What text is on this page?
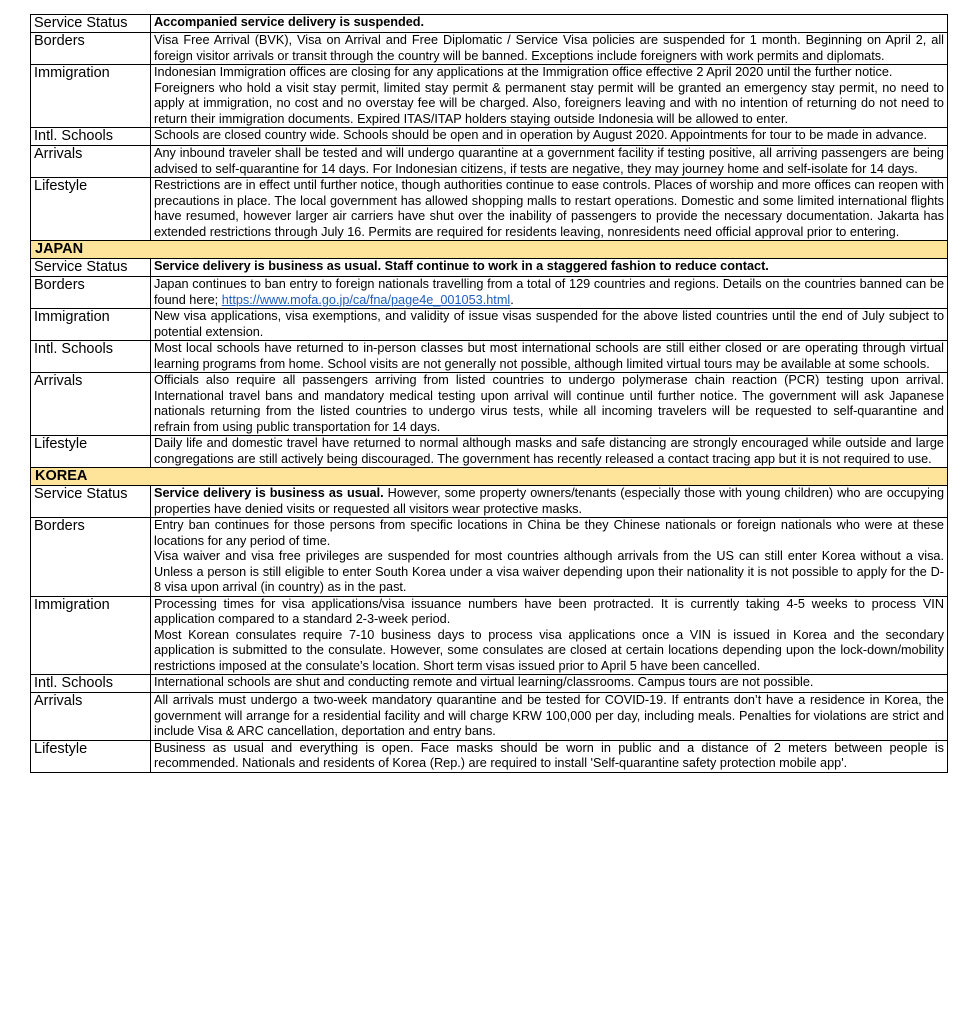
Service Status	Accompanied service delivery is suspended.
Borders	Visa Free Arrival (BVK), Visa on Arrival and Free Diplomatic / Service Visa policies are suspended for 1 month. Beginning on April 2, all foreign visitor arrivals or transit through the country will be banned. Exceptions include foreigners with work permits and diplomats.
Immigration	Indonesian Immigration offices are closing for any applications at the Immigration office effective 2 April 2020 until the further notice.

Foreigners who hold a visit stay permit, limited stay permit & permanent stay permit will be granted an emergency stay permit, no need to apply at immigration, no cost and no overstay fee will be charged. Also, foreigners leaving and with no intention of returning do not need to return their immigration documents. Expired ITAS/ITAP holders staying outside Indonesia will be allowed to enter.

Intl. Schools	Schools are closed country wide. Schools should be open and in operation by August 2020. Appointments for tour to be made in advance.
Arrivals	Any inbound traveler shall be tested and will undergo quarantine at a government facility if testing positive, all arriving passengers are being advised to self-quarantine for 14 days. For Indonesian citizens, if tests are negative, they may journey home and self-isolate for 14 days.
Lifestyle	Restrictions are in effect until further notice, though authorities continue to ease controls. Places of worship and more offices can reopen with precautions in place. The local government has allowed shopping malls to restart operations. Domestic and some limited international flights have resumed, however larger air carriers have shut over the inability of passengers to provide the necessary documentation. Jakarta has extended restrictions through July 16. Permits are required for residents leaving, nonresidents need official approval prior to entering.
JAPAN	
Service Status	Service delivery is business as usual. Staff continue to work in a staggered fashion to reduce contact.
Borders	Japan continues to ban entry to foreign nationals travelling from a total of 129 countries and regions. Details on the countries banned can be found here; https://www.mofa.go.jp/ca/fna/page4e_001053.html.
Immigration	New visa applications, visa exemptions, and validity of issue visas suspended for the above listed countries until the end of July subject to potential extension.
Intl. Schools	Most local schools have returned to in-person classes but most international schools are still either closed or are operating through virtual learning programs from home. School visits are not generally not possible, although limited virtual tours may be available at some schools.
Arrivals	Officials also require all passengers arriving from listed countries to undergo polymerase chain reaction (PCR) testing upon arrival. International travel bans and mandatory medical testing upon arrival will continue until further notice. The government will ask Japanese nationals returning from the listed countries to undergo virus tests, while all incoming travelers will be requested to self-quarantine and refrain from using public transportation for 14 days.
Lifestyle	Daily life and domestic travel have returned to normal although masks and safe distancing are strongly encouraged while outside and large congregations are still actively being discouraged. The government has recently released a contact tracing app but it is not required to use.
KOREA	
Service Status	Service delivery is business as usual. However, some property owners/tenants (especially those with young children) who are occupying properties have denied visits or requested all visitors wear protective masks.
Borders	Entry ban continues for those persons from specific locations in China be they Chinese nationals or foreign nationals who were at these locations for any period of time.

Visa waiver and visa free privileges are suspended for most countries although arrivals from the US can still enter Korea without a visa. Unless a person is still eligible to enter South Korea under a visa waiver depending upon their nationality it is not possible to apply for the D-8 visa upon arrival (in country) as in the past.

Immigration	Processing times for visa applications/visa issuance numbers have been protracted. It is currently taking 4-5 weeks to process VIN application compared to a standard 2-3-week period.

Most Korean consulates require 7-10 business days to process visa applications once a VIN is issued in Korea and the secondary application is submitted to the consulate. However, some consulates are closed at certain locations depending upon the lock-down/mobility restrictions imposed at the consulate’s location. Short term visas issued prior to April 5 have been cancelled.

Intl. Schools	International schools are shut and conducting remote and virtual learning/classrooms. Campus tours are not possible.
Arrivals	All arrivals must undergo a two-week mandatory quarantine and be tested for COVID-19. If entrants don’t have a residence in Korea, the government will arrange for a residential facility and will charge KRW 100,000 per day, including meals. Penalties for violations are strict and include Visa & ARC cancellation, deportation and entry bans.
Lifestyle	Business as usual and everything is open. Face masks should be worn in public and a distance of 2 meters between people is recommended. Nationals and residents of Korea (Rep.) are required to install 'Self-quarantine safety protection mobile app'.
